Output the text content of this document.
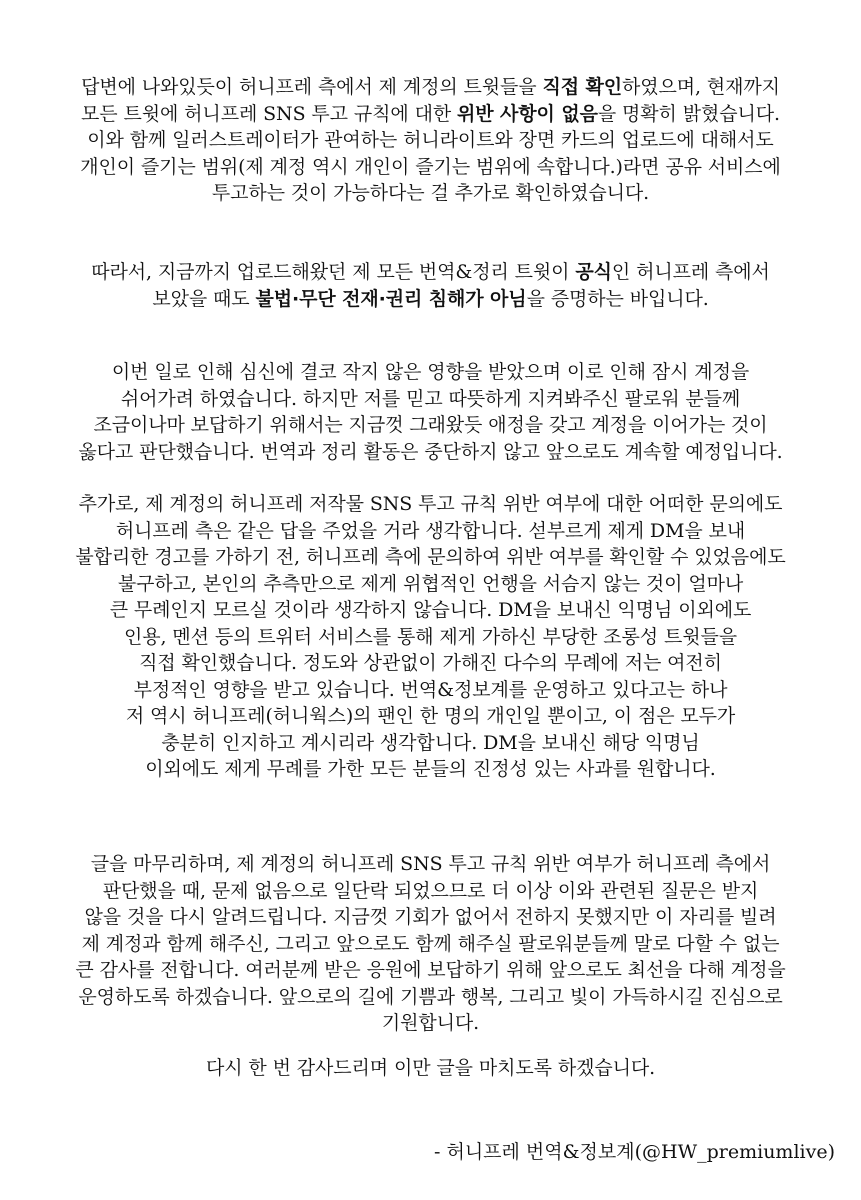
답변에 나와있듯이 허니프레 측에서 제 계정의 트윗들을 직접 확인하였으며, 현재까지
모든 트윗에 허니프레 SNS 투고 규칙에 대한 위반 사항이 없음을 명확히 밝혔습니다.
이와 함께 일러스트레이터가 관여하는 허니라이트와 장면 카드의 업로드에 대해서도
개인이 즐기는 범위(제 계정 역시 개인이 즐기는 범위에 속합니다.)라면 공유 서비스에
투고하는 것이 가능하다는 걸 추가로 확인하였습니다.
따라서, 지금까지 업로드해왔던 제 모든 번역&정리 트윗이 공식인 허니프레 측에서
보았을 때도 불법·무단 전재·권리 침해가 아님을 증명하는 바입니다.
이번 일로 인해 심신에 결코 작지 않은 영향을 받았으며 이로 인해 잠시 계정을
쉬어가려 하였습니다. 하지만 저를 믿고 따뜻하게 지켜봐주신 팔로워 분들께
조금이나마 보답하기 위해서는 지금껏 그래왔듯 애정을 갖고 계정을 이어가는 것이
옳다고 판단했습니다. 번역과 정리 활동은 중단하지 않고 앞으로도 계속할 예정입니다.
추가로, 제 계정의 허니프레 저작물 SNS 투고 규칙 위반 여부에 대한 어떠한 문의에도
허니프레 측은 같은 답을 주었을 거라 생각합니다. 섣부르게 제게 DM을 보내
불합리한 경고를 가하기 전, 허니프레 측에 문의하여 위반 여부를 확인할 수 있었음에도
불구하고, 본인의 추측만으로 제게 위협적인 언행을 서슴지 않는 것이 얼마나
큰 무례인지 모르실 것이라 생각하지 않습니다. DM을 보내신 익명님 이외에도
인용, 멘션 등의 트위터 서비스를 통해 제게 가하신 부당한 조롱성 트윗들을
직접 확인했습니다. 정도와 상관없이 가해진 다수의 무례에 저는 여전히
부정적인 영향을 받고 있습니다. 번역&정보계를 운영하고 있다고는 하나
저 역시 허니프레(허니웍스)의 팬인 한 명의 개인일 뿐이고, 이 점은 모두가
충분히 인지하고 계시리라 생각합니다. DM을 보내신 해당 익명님
이외에도 제게 무례를 가한 모든 분들의 진정성 있는 사과를 원합니다.
글을 마무리하며, 제 계정의 허니프레 SNS 투고 규칙 위반 여부가 허니프레 측에서
판단했을 때, 문제 없음으로 일단락 되었으므로 더 이상 이와 관련된 질문은 받지
않을 것을 다시 알려드립니다. 지금껏 기회가 없어서 전하지 못했지만 이 자리를 빌려
제 계정과 함께 해주신, 그리고 앞으로도 함께 해주실 팔로워분들께 말로 다할 수 없는
큰 감사를 전합니다. 여러분께 받은 응원에 보답하기 위해 앞으로도 최선을 다해 계정을
운영하도록 하겠습니다. 앞으로의 길에 기쁨과 행복, 그리고 빛이 가득하시길 진심으로
기원합니다.
다시 한 번 감사드리며 이만 글을 마치도록 하겠습니다.
- 허니프레 번역&정보계(@HW_premiumlive)
